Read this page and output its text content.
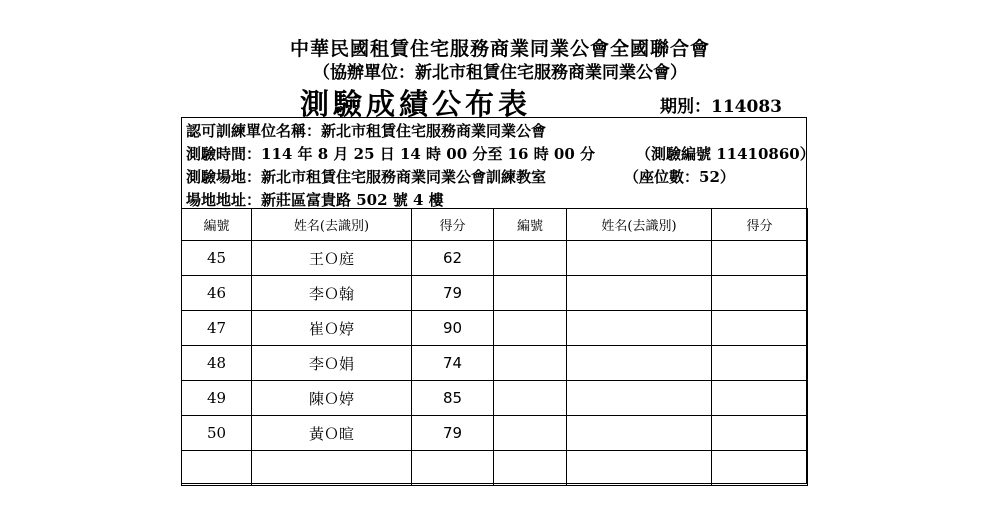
中華民國租賃住宅服務商業同業公會全國聯合會
（協辦單位：新北市租賃住宅服務商業同業公會）
測驗成績公布表	期別：114083
認可訓練單位名稱：新北市租賃住宅服務商業同業公會
測驗時間：114 年 8 月 25 日 14 時 00 分至 16 時 00 分	（測驗編號 11410860）
測驗場地：新北市租賃住宅服務商業同業公會訓練教室	（座位數：52）
場地地址：新莊區富貴路 502 號 4 樓
編號	姓名(去識別)	得分	編號	姓名(去識別)	得分
45	王Ｏ庭	62			
46	李Ｏ翰	79			
47	崔Ｏ婷	90			
48	李Ｏ娟	74			
49	陳Ｏ婷	85			
50	黃Ｏ暄	79			
